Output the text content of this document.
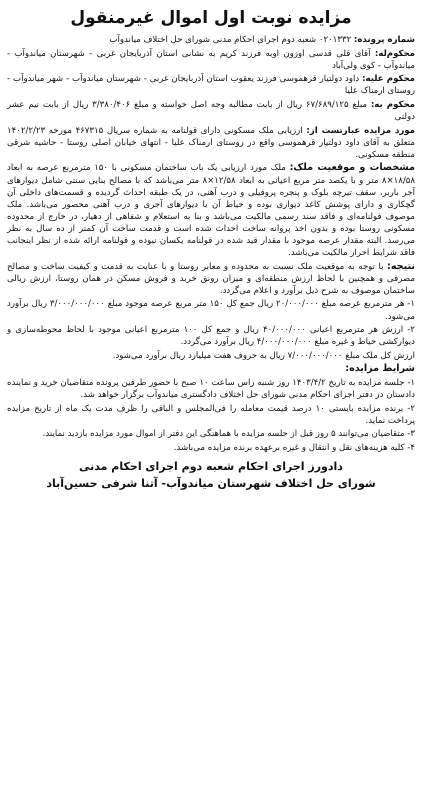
مزایده نوبت اول اموال غیرمنقول

شماره پرونده: ۰۲۰۱۳۳۲ شعبه دوم اجرای احکام مدنی شورای حل اختلاف میاندوآب

محکوم‌له: آقای قلی قدسی اوزون اوبه فرزند کریم به نشانی استان آذربایجان غربی - شهرستان میاندوآب - میاندوآب - کوی ولی‌آباد

محکوم علیه: داود دولتیار قرهموسی فرزند یعقوب استان آذربایجان غربی - شهرستان میاندوآب - شهر میاندوآب - روستای ارمناک علیا

محکوم به: مبلغ ۶۷/۶۸۹/۱۲۵ ریال از بابت مطالبه وجه اصل خواسته و مبلغ ۳/۳۸۰/۴۰۶ ریال از بابت نیم عشر دولتی

مورد مزایده عبارتست از: ارزیابی ملک مسکونی دارای قولنامه به شماره سریال ۴۶۷۳۱۵ مورخه ۱۴۰۲/۲/۲۳ متعلق به آقای داود دولتیار قرهموسی واقع در روستای ارمناک علیا - انتهای خیابان اصلی روستا - حاشیه شرقی منطقه مسکونی.

مشخصات و موقعیت ملک: ملک مورد ارزیابی یک باب ساختمان مسکونی با ۱۵۰ مترمربع عرصه به ابعاد ۱۸/۵۸×۸ متر و با یکصد متر مربع اعیانی به ابعاد ۱۲/۵۸×۸ متر می‌باشد که با مصالح بنایی سنتی شامل دیوارهای آجر باربر، سقف تیرچه بلوک و پنجره پروفیلی و درب آهنی، در یک طبقه احداث گردیده و قسمت‌های داخلی آن گچکاری و دارای پوشش کاغذ دیواری بوده و حیاط آن با دیوارهای آجری و درب آهنی محصور می‌باشد. ملک موصوف قولنامه‌ای و فاقد سند رسمی مالکیت می‌باشد و بنا به استعلام و شفاهی از دهیار، در خارج از محدوده مسکونی روستا بوده و بدون اخذ پروانه ساخت احداث شده است و قدمت ساخت آن کمتر از ده سال به نظر می‌رسد. البته مقدار عرصه موجود با مقدار قید شده در قولنامه یکسان نبوده و قولنامه ارائه شده از نظر اینجانب فاقد شرایط احراز مالکیت می‌باشد.

نتیجه: با توجه به موقعیت ملک نسبت به محدوده و معابر روستا و با عنایت به قدمت و کیفیت ساخت و مصالح مصرفی و همچنین با لحاظ ارزش منطقه‌ای و میزان رونق خرید و فروش مسکن در همان روستا، ارزش ریالی ساختمان موصوف به شرح ذیل برآورد و اعلام می‌گردد.

۱- هر مترمربع عرصه مبلغ ۲۰/۰۰۰/۰۰۰ ریال جمع کل ۱۵۰ متر مربع عرصه موجود مبلغ ۳/۰۰۰/۰۰۰/۰۰۰ ریال برآورد می‌شود.

۲- ارزش هر مترمربع اعیانی ۴۰/۰۰۰/۰۰۰ ریال و جمع کل ۱۰۰ مترمربع اعیانی موجود با لحاظ محوطه‌سازی و دیوارکشی حیاط و غیره مبلغ ۴/۰۰۰/۰۰۰/۰۰۰ ریال برآورد می‌گردد.

ارزش کل ملک مبلغ ۷/۰۰۰/۰۰۰/۰۰۰ ریال به حروف هفت میلیارد ریال برآورد می‌شود.

شرایط مزایده:

۱- جلسه مزایده به تاریخ ۱۴۰۳/۴/۲ روز شنبه راس ساعت ۱۰ صبح با حضور طرفین پرونده متقاضیان خرید و نماینده دادستان در دفتر اجرای احکام مدنی شورای حل اختلاف دادگستری میاندوآب برگزار خواهد شد.

۲- برنده مزایده بایستی ۱۰ درصد قیمت معامله را فی‌المجلس و الباقی را ظرف مدت یک ماه از تاریخ مزایده پرداخت نماید.

۳- متقاضیان می‌توانند ۵ روز قبل از جلسه مزایده با هماهنگی این دفتر از اموال مورد مزایده بازدید نمایند.

۴- کلیه هزینه‌های نقل و انتقال و غیره برعهده برنده مزایده می‌باشد.

دادورز اجرای احکام شعبه دوم اجرای احکام مدنی
شورای حل اختلاف شهرستان میاندوآب- آتنا شرفی حسین‌آباد
